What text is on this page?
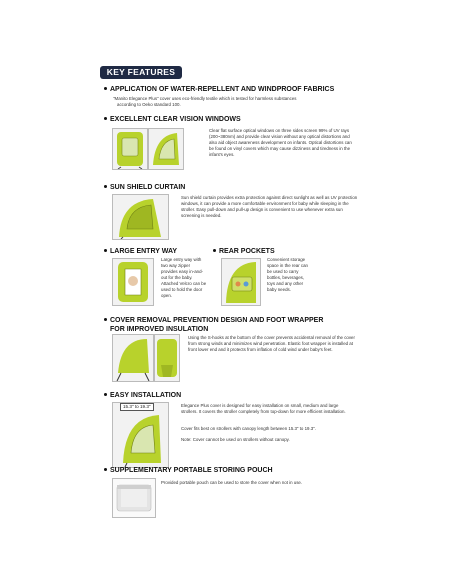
KEY FEATURES
APPLICATION OF WATER-REPELLENT AND WINDPROOF FABRICS
"Manito Elegance Plus" cover uses eco-friendly textile which is tested for harmless substances
according to Oeko standard 100.
EXCELLENT CLEAR VISION WINDOWS
Clear flat surface optical windows on three sides screen 99% of UV rays (200~380nm) and provide clear vision without any optical distortions and also aid object awareness development on infants. Optical distortions can be found on vinyl covers which may cause dizziness and tiredness in the infant's eyes.
SUN SHIELD CURTAIN
Sun shield curtain provides extra protection against direct sunlight as well as UV protection windows, it can provide a more comfortable environment for baby while sleeping in the stroller. Easy pull-down and pull-up design is convenient to use whenever extra sun screening is needed.
LARGE ENTRY WAY
Large entry way with two way zipper provides easy in-and-out for the baby. Attached Velcro can be used to hold the door open.
REAR POCKETS
Convenient storage space in the rear can be used to carry bottles, beverages, toys and any other baby needs.
COVER REMOVAL PREVENTION DESIGN AND FOOT WRAPPER
FOR IMPROVED INSULATION
Using the S-hooks at the bottom of the cover prevents accidental removal of the cover from strong winds and minimizes wind penetration. Elastic foot wrapper is installed at front lower end and it protects from inflation of cold wind under baby's feet.
EASY INSTALLATION
15.3" to 19.3"	Elegance Plus cover is designed for easy installation on small, medium and large strollers. It covers the stroller completely from top-down for more efficient installation.
Cover fits best on strollers with canopy length between 15.3" to 19.3".
Note: Cover cannot be used on strollers without canopy.
SUPPLEMENTARY PORTABLE STORING POUCH
Provided portable pouch can be used to store the cover when not in use.
